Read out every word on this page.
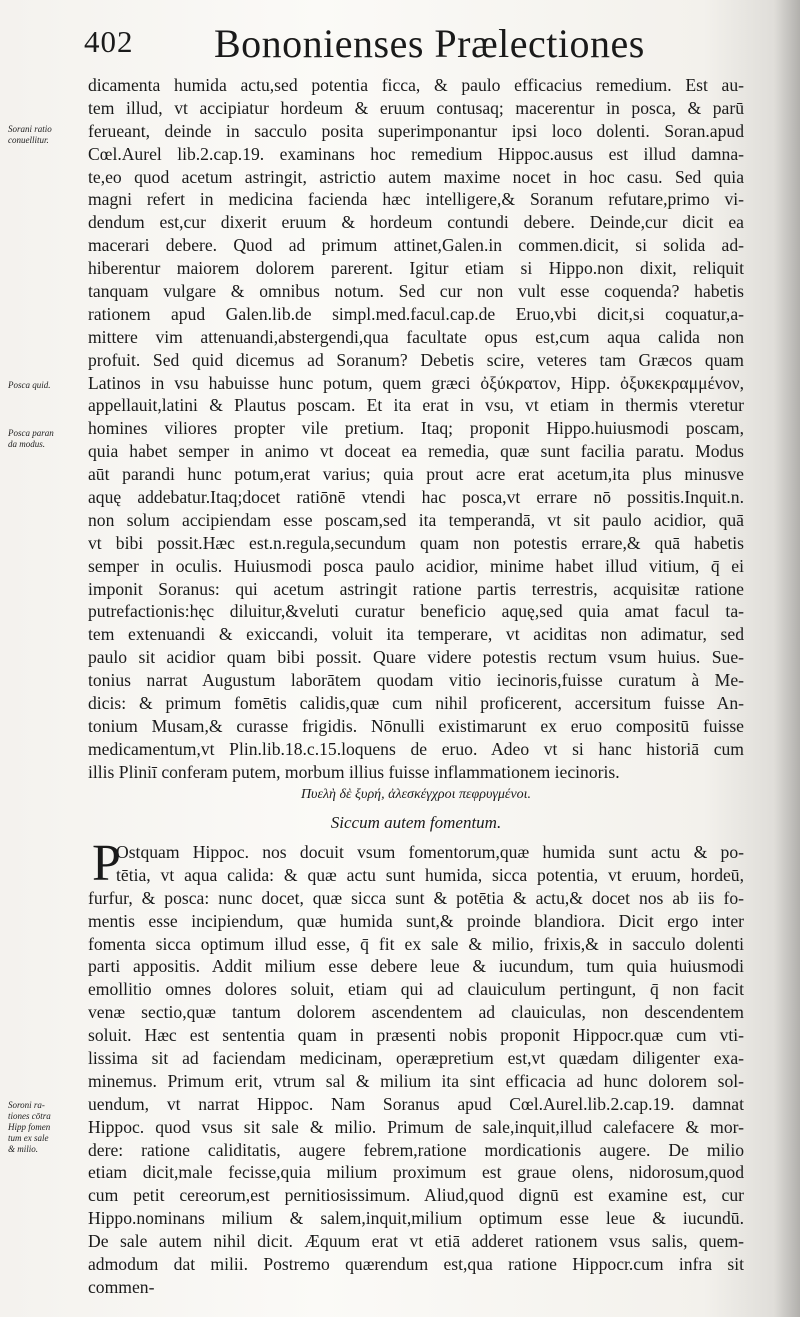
402 Bononienses Prælectiones
Sorani ratio
conuellitur.
Posca quid.
Posca paran
da modus.
Soroni ra-
tiones cōtra
Hipp fomen
tum ex sale
& milio.
dicamenta humida actu,sed potentia ficca, & paulo efficacius remedium. Est au-
tem illud, vt accipiatur hordeum & eruum contusaq; macerentur in posca, & parū
ferueant, deinde in sacculo posita superimponantur ipsi loco dolenti. Soran.apud
Cœl.Aurel lib.2.cap.19. examinans hoc remedium Hippoc.ausus est illud damna-
te,eo quod acetum astringit, astrictio autem maxime nocet in hoc casu. Sed quia
magni refert in medicina facienda hæc intelligere,& Soranum refutare,primo vi-
dendum est,cur dixerit eruum & hordeum contundi debere. Deinde,cur dicit ea
macerari debere. Quod ad primum attinet,Galen.in commen.dicit, si solida ad-
hiberentur maiorem dolorem parerent. Igitur etiam si Hippo.non dixit, reliquit
tanquam vulgare & omnibus notum. Sed cur non vult esse coquenda? habetis
rationem apud Galen.lib.de simpl.med.facul.cap.de Eruo,vbi dicit,si coquatur,a-
mittere vim attenuandi,abstergendi,qua facultate opus est,cum aqua calida non
profuit. Sed quid dicemus ad Soranum? Debetis scire, veteres tam Græcos quam
Latinos in vsu habuisse hunc potum, quem græci ὀξύκρατον, Hipp. ὀξυκεκραμμένον,
appellauit,latini & Plautus poscam. Et ita erat in vsu, vt etiam in thermis vteretur
homines viliores propter vile pretium. Itaq; proponit Hippo.huiusmodi poscam,
quia habet semper in animo vt doceat ea remedia, quæ sunt facilia paratu. Modus
aūt parandi hunc potum,erat varius; quia prout acre erat acetum,ita plus minusve
aquę addebatur.Itaq;docet ratiōnē vtendi hac posca,vt errare nō possitis.Inquit.n.
non solum accipiendam esse poscam,sed ita temperandā, vt sit paulo acidior, quā
vt bibi possit.Hæc est.n.regula,secundum quam non potestis errare,& quā habetis
semper in oculis. Huiusmodi posca paulo acidior, minime habet illud vitium, q̄ ei
imponit Soranus: qui acetum astringit ratione partis terrestris, acquisitæ ratione
putrefactionis:hęc diluitur,&veluti curatur beneficio aquę,sed quia amat facul ta-
tem extenuandi & exiccandi, voluit ita temperare, vt aciditas non adimatur, sed
paulo sit acidior quam bibi possit. Quare videre potestis rectum vsum huius. Sue-
tonius narrat Augustum laborātem quodam vitio iecinoris,fuisse curatum à Me-
dicis: & primum fomētis calidis,quæ cum nihil proficerent, accersitum fuisse An-
tonium Musam,& curasse frigidis. Nōnulli existimarunt ex eruo compositū fuisse
medicamentum,vt Plin.lib.18.c.15.loquens de eruo. Adeo vt si hanc historiā cum
illis Pliniī conferam putem, morbum illius fuisse inflammationem iecinoris.
Πυελὴ δὲ ξυρή, ἀλεσκέγχροι πεφρυγμένοι.
Siccum autem fomentum.
P
Ostquam Hippoc. nos docuit vsum fomentorum,quæ humida sunt actu & po-
tētia, vt aqua calida: & quæ actu sunt humida, sicca potentia, vt eruum, hordeū,
furfur, & posca: nunc docet, quæ sicca sunt & potētia & actu,& docet nos ab iis fo-
mentis esse incipiendum, quæ humida sunt,& proinde blandiora. Dicit ergo inter
fomenta sicca optimum illud esse, q̄ fit ex sale & milio, frixis,& in sacculo dolenti
parti appositis. Addit milium esse debere leue & iucundum, tum quia huiusmodi
emollitio omnes dolores soluit, etiam qui ad clauiculum pertingunt, q̄ non facit
venæ sectio,quæ tantum dolorem ascendentem ad clauiculas, non descendentem
soluit. Hæc est sententia quam in præsenti nobis proponit Hippocr.quæ cum vti-
lissima sit ad faciendam medicinam, operæpretium est,vt quædam diligenter exa-
minemus. Primum erit, vtrum sal & milium ita sint efficacia ad hunc dolorem sol-
uendum, vt narrat Hippoc. Nam Soranus apud Cœl.Aurel.lib.2.cap.19. damnat
Hippoc. quod vsus sit sale & milio. Primum de sale,inquit,illud calefacere & mor-
dere: ratione caliditatis, augere febrem,ratione mordicationis augere. De milio
etiam dicit,male fecisse,quia milium proximum est graue olens, nidorosum,quod
cum petit cereorum,est pernitiosissimum. Aliud,quod dignū est examine est, cur
Hippo.nominans milium & salem,inquit,milium optimum esse leue & iucundū.
De sale autem nihil dicit. Æquum erat vt etiā adderet rationem vsus salis, quem-
admodum dat milii. Postremo quærendum est,qua ratione Hippocr.cum infra sit
commen-
